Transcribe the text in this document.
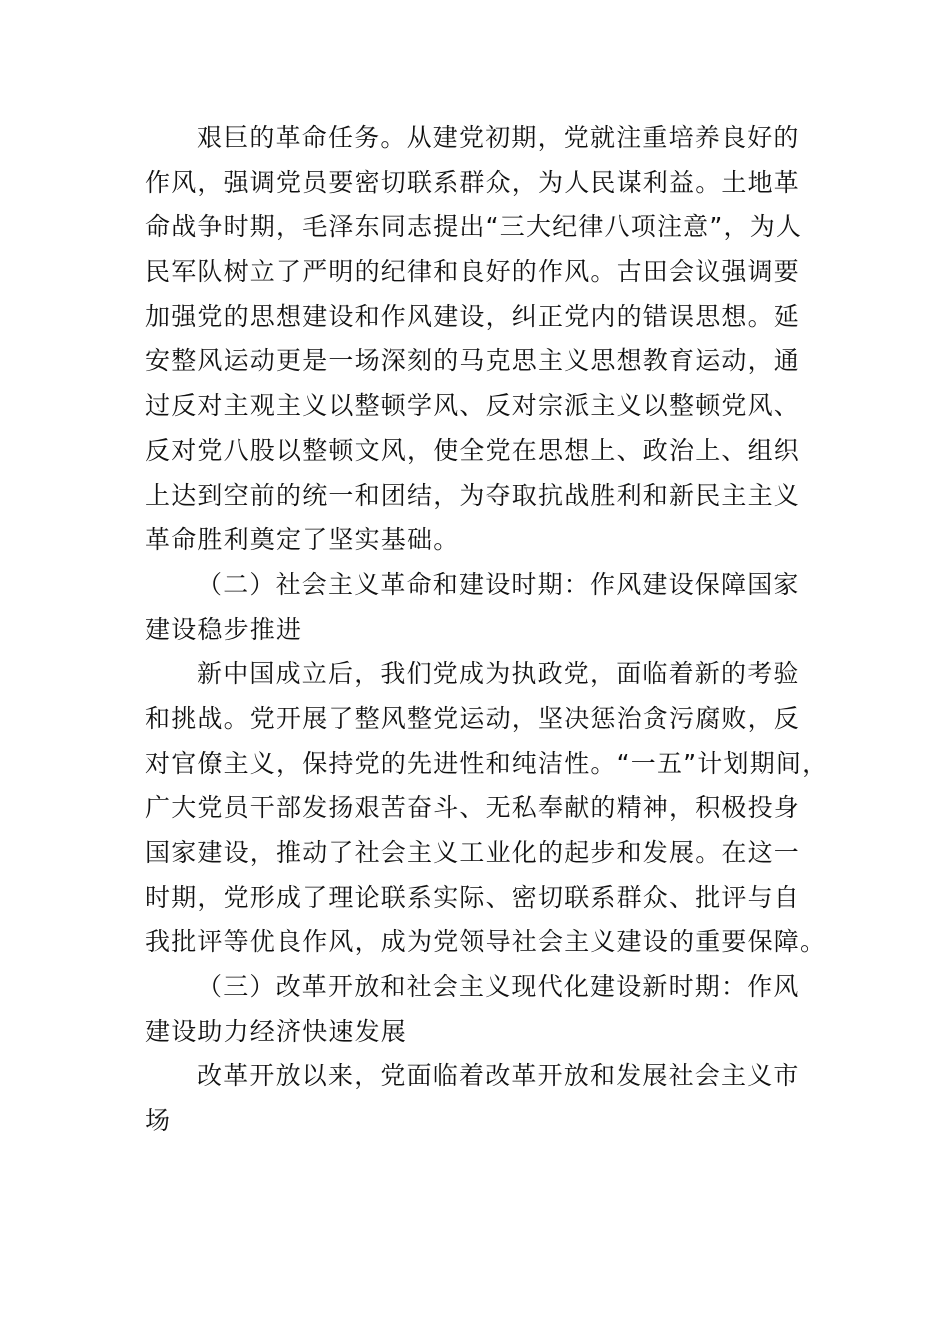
艰巨的革命任务。从建党初期，党就注重培养良好的
作风，强调党员要密切联系群众，为人民谋利益。土地革
命战争时期，毛泽东同志提出“三大纪律八项注意”，为人
民军队树立了严明的纪律和良好的作风。古田会议强调要
加强党的思想建设和作风建设，纠正党内的错误思想。延
安整风运动更是一场深刻的马克思主义思想教育运动，通
过反对主观主义以整顿学风、反对宗派主义以整顿党风、
反对党八股以整顿文风，使全党在思想上、政治上、组织
上达到空前的统一和团结，为夺取抗战胜利和新民主主义
革命胜利奠定了坚实基础。
（二）社会主义革命和建设时期：作风建设保障国家
建设稳步推进
新中国成立后，我们党成为执政党，面临着新的考验
和挑战。党开展了整风整党运动，坚决惩治贪污腐败，反
对官僚主义，保持党的先进性和纯洁性。“一五”计划期间，
广大党员干部发扬艰苦奋斗、无私奉献的精神，积极投身
国家建设，推动了社会主义工业化的起步和发展。在这一
时期，党形成了理论联系实际、密切联系群众、批评与自
我批评等优良作风，成为党领导社会主义建设的重要保障。
（三）改革开放和社会主义现代化建设新时期：作风
建设助力经济快速发展
改革开放以来，党面临着改革开放和发展社会主义市
场
